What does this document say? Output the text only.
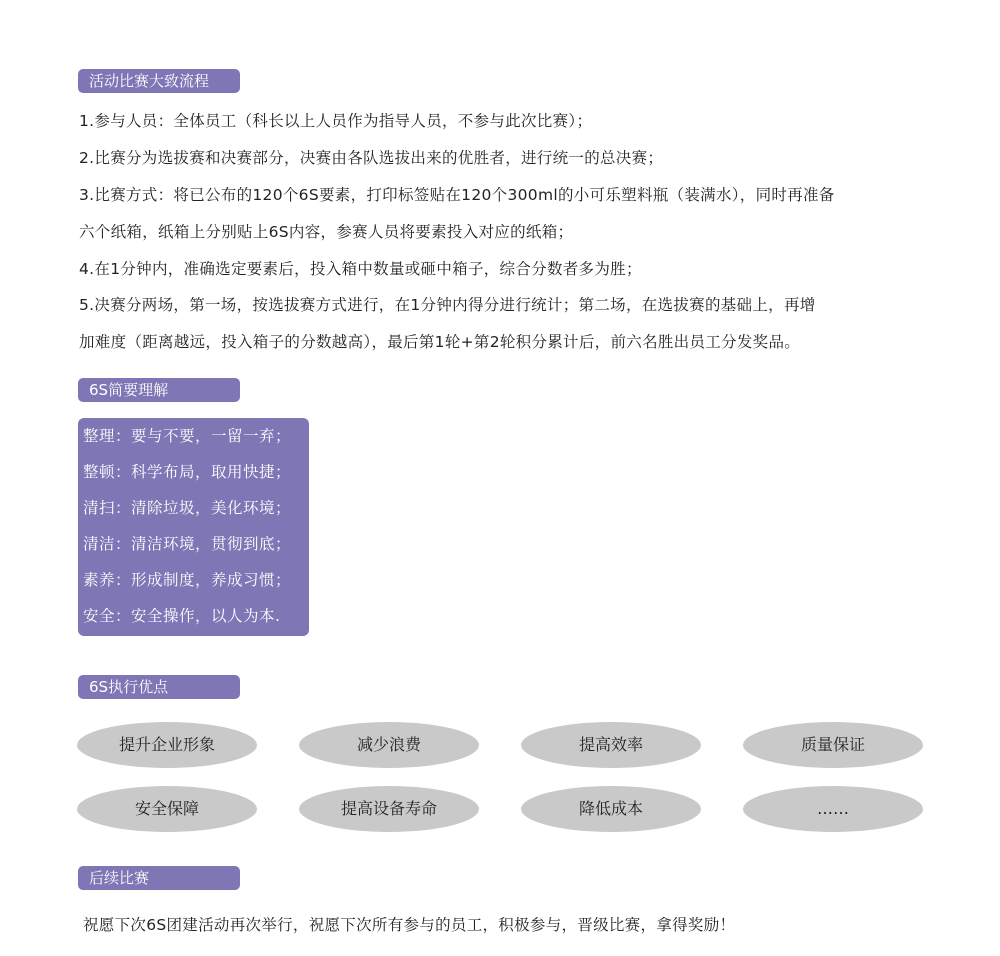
活动比赛大致流程
1.参与人员：全体员工（科长以上人员作为指导人员，不参与此次比赛）；
2.比赛分为选拔赛和决赛部分，决赛由各队选拔出来的优胜者，进行统一的总决赛；
3.比赛方式：将已公布的120个6S要素，打印标签贴在120个300ml的小可乐塑料瓶（装满水），同时再准备
六个纸箱，纸箱上分别贴上6S内容，参赛人员将要素投入对应的纸箱；
4.在1分钟内，准确选定要素后，投入箱中数量或砸中箱子，综合分数者多为胜；
5.决赛分两场，第一场，按选拔赛方式进行，在1分钟内得分进行统计；第二场，在选拔赛的基础上，再增
加难度（距离越远，投入箱子的分数越高），最后第1轮+第2轮积分累计后，前六名胜出员工分发奖品。
6S简要理解
整理：要与不要，一留一弃；
整顿：科学布局，取用快捷；
清扫：清除垃圾，美化环境；
清洁：清洁环境，贯彻到底；
素养：形成制度，养成习惯；
安全：安全操作，以人为本.
6S执行优点
提升企业形象	减少浪费	提高效率	质量保证
安全保障	提高设备寿命	降低成本	……
后续比赛
祝愿下次6S团建活动再次举行，祝愿下次所有参与的员工，积极参与，晋级比赛，拿得奖励！
